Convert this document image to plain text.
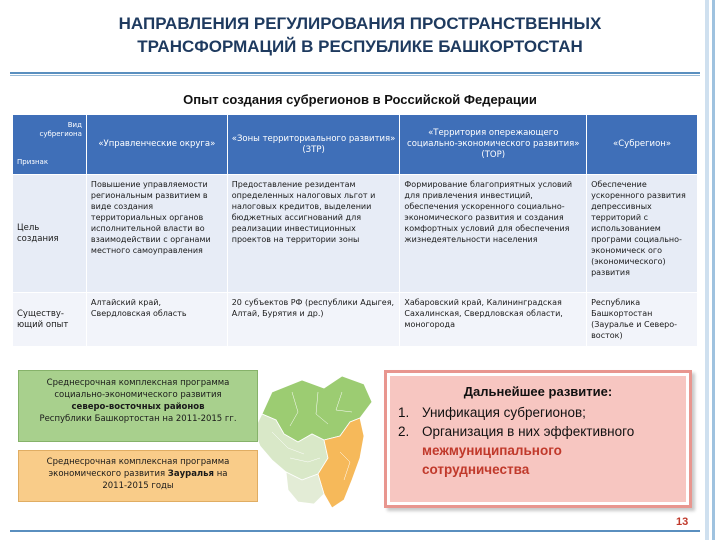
НАПРАВЛЕНИЯ РЕГУЛИРОВАНИЯ ПРОСТРАНСТВЕННЫХ
ТРАНСФОРМАЦИЙ В РЕСПУБЛИКЕ БАШКОРТОСТАН
Опыт создания субрегионов в Российской Федерации
Вид
субрегиона
Признак	«Управленческие округа»	«Зоны территориального развития» (ЗТР)	«Территория опережающего социально-экономического развития» (ТОР)	«Субрегион»
Цель создания	Повышение управляемости региональным развитием в виде создания территориальных органов исполнительной власти во взаимодействии с органами местного самоуправления	Предоставление резидентам определенных налоговых льгот и налоговых кредитов, выделении бюджетных ассигнований для реализации инвестиционных проектов на территории зоны	Формирование благоприятных условий для привлечения инвестиций, обеспечения ускоренного социально-экономического развития и создания комфортных условий для обеспечения жизнедеятельности населения	Обеспечение ускоренного развития депрессивных территорий с использованием програми социально-экономическ ого (экономического) развития
Существу-ющий опыт	Алтайский край, Свердловская область	20 субъектов РФ (республики Адыгея, Алтай, Бурятия и др.)	Хабаровский край, Калининградская Сахалинская, Свердловская области, моногорода	Республика Башкортостан (Зауралье и Северо-восток)
Среднесрочная комплексная программа
социально-экономического развития
северо-восточных районов
Республики Башкортостан на 2011-2015 гг.
Среднесрочная комплексная программа
экономического развития Зауралья на
2011-2015 годы
Дальнейшее развитие:
1. Унификация субрегионов;
2. Организация в них эффективного
межмуниципального
сотрудничества
13
